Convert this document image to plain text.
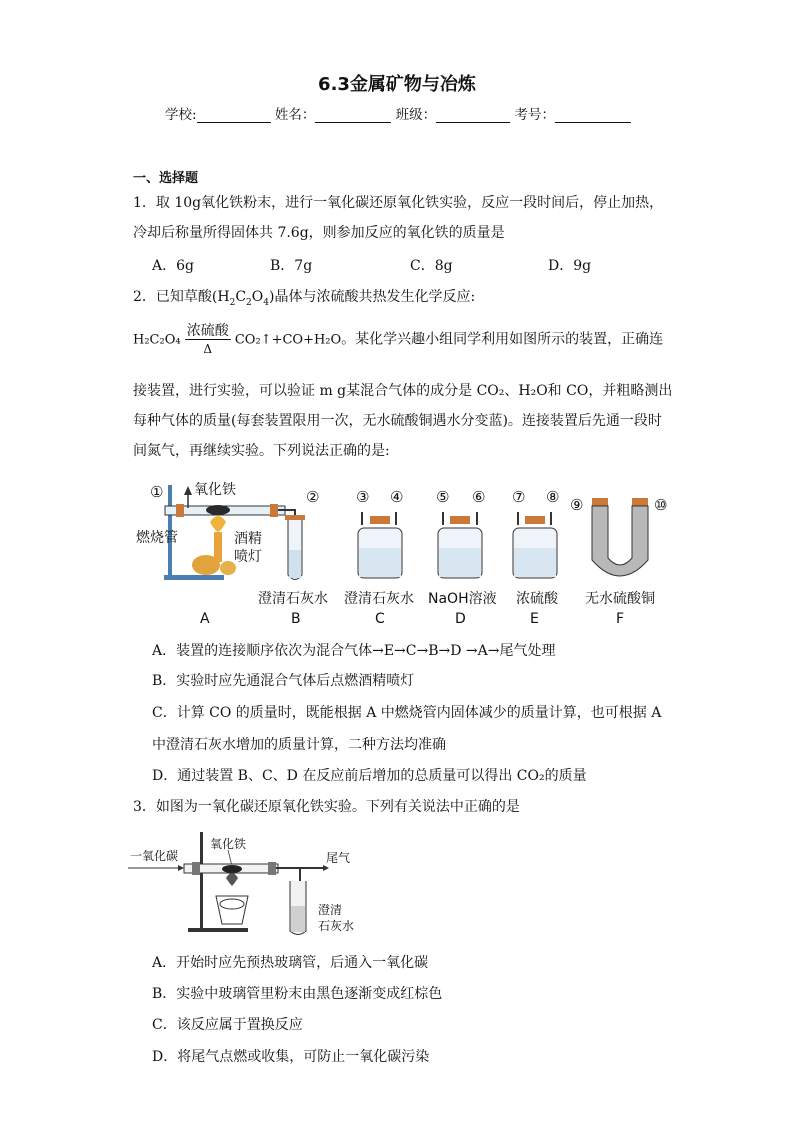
6.3金属矿物与冶炼
学校:	姓名：	班级：	考号：
一、选择题
1．取 10g氧化铁粉末，进行一氧化碳还原氧化铁实验，反应一段时间后，停止加热，
冷却后称量所得固体共 7.6g，则参加反应的氧化铁的质量是
A．6g	B．7g	C．8g	D．9g
2．已知草酸$(H_2C_2O_4)$晶体与浓硫酸共热发生化学反应:
$H_2C_2O_4 \frac{\text{浓硫酸}}{\Delta}$ CO₂↑+CO+H₂O。某化学兴趣小组同学利用如图所示的装置，正确连
接装置，进行实验，可以验证 m g某混合气体的成分是 CO₂、H₂O和 CO，并粗略测出
每种气体的质量(每套装置限用一次，无水硫酸铜遇水分变蓝)。连接装置后先通一段时
间氮气，再继续实验。下列说法正确的是:
氧化铁
①
燃烧管	酒精
喷灯
② ③ ④ ⑤ ⑥ ⑦ ⑧ ⑨	⑩
澄清石灰水 澄清石灰水 NaOH溶液 浓硫酸 无水硫酸铜
A	B	C	D	E	F
A．装置的连接顺序依次为混合气体→E→C→B→D →A→尾气处理
B．实验时应先通混合气体后点燃酒精喷灯
C．计算 CO 的质量时，既能根据 A 中燃烧管内固体减少的质量计算，也可根据 A
中澄清石灰水增加的质量计算，二种方法均准确
D．通过装置 B、C、D 在反应前后增加的总质量可以得出 CO₂的质量
3．如图为一氧化碳还原氧化铁实验。下列有关说法中正确的是
一氧化碳
氧化铁
尾气
澄清
石灰水
A．开始时应先预热玻璃管，后通入一氧化碳
B．实验中玻璃管里粉末由黑色逐渐变成红棕色
C．该反应属于置换反应
D．将尾气点燃或收集，可防止一氧化碳污染
